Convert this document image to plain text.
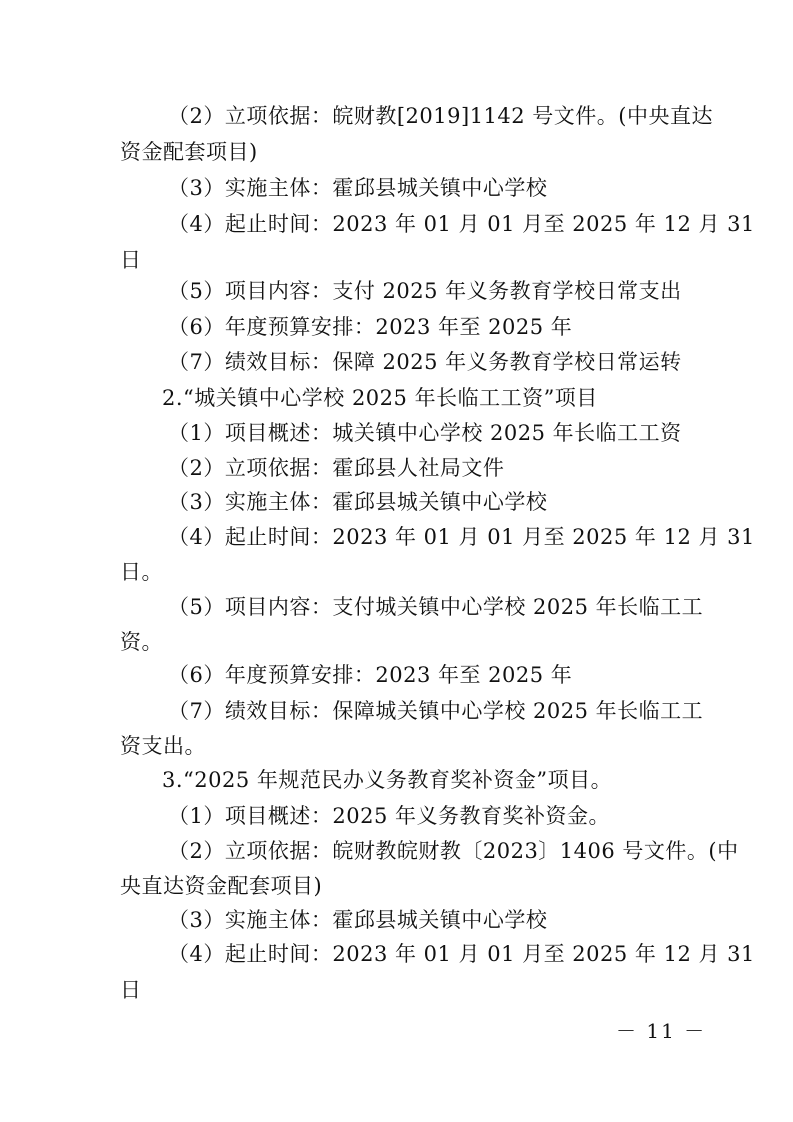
（2）立项依据：皖财教[2019]1142 号文件。(中央直达
资金配套项目)
（3）实施主体：霍邱县城关镇中心学校
（4）起止时间：2023 年 01 月 01 月至 2025 年 12 月 31
日
（5）项目内容：支付 2025 年义务教育学校日常支出
（6）年度预算安排：2023 年至 2025 年
（7）绩效目标：保障 2025 年义务教育学校日常运转
2.“城关镇中心学校 2025 年长临工工资”项目
（1）项目概述：城关镇中心学校 2025 年长临工工资
（2）立项依据：霍邱县人社局文件
（3）实施主体：霍邱县城关镇中心学校
（4）起止时间：2023 年 01 月 01 月至 2025 年 12 月 31
日。
（5）项目内容：支付城关镇中心学校 2025 年长临工工
资。
（6）年度预算安排：2023 年至 2025 年
（7）绩效目标：保障城关镇中心学校 2025 年长临工工
资支出。
3.“2025 年规范民办义务教育奖补资金”项目。
（1）项目概述：2025 年义务教育奖补资金。
（2）立项依据：皖财教皖财教〔2023〕1406 号文件。(中
央直达资金配套项目)
（3）实施主体：霍邱县城关镇中心学校
（4）起止时间：2023 年 01 月 01 月至 2025 年 12 月 31
日
－ 11 －
